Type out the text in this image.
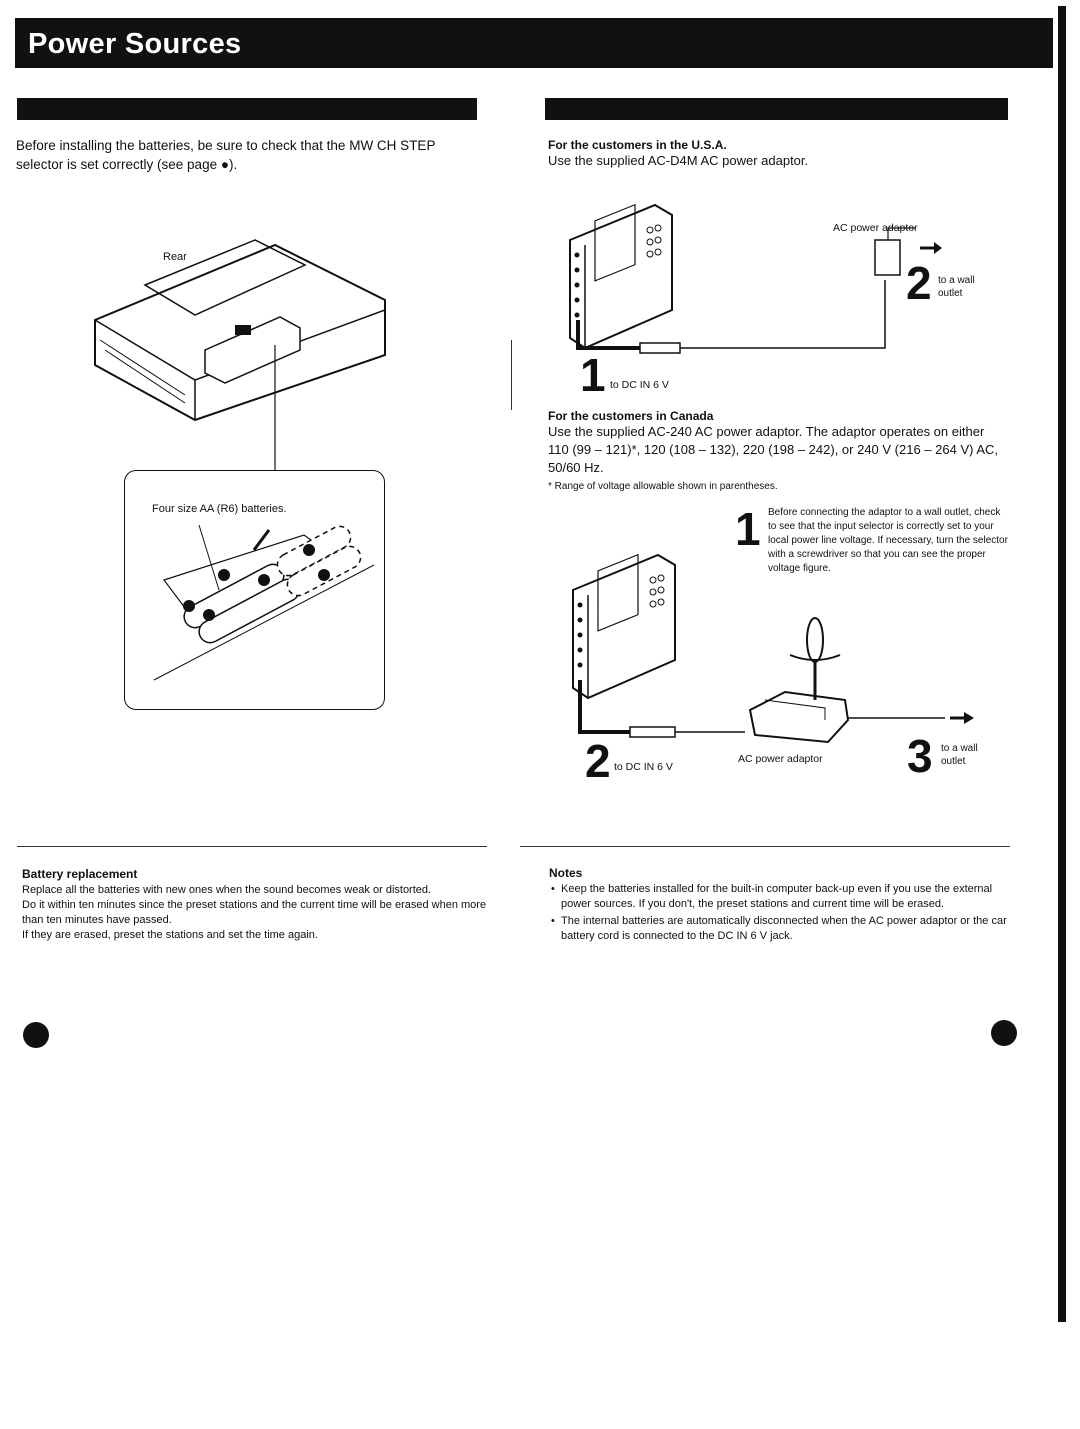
Power Sources

Before installing the batteries, be sure to check that the MW CH STEP selector is set correctly (see page ●).

Rear
Four size AA (R6) batteries.

Battery replacement

Replace all the batteries with new ones when the sound becomes weak or distorted.

Do it within ten minutes since the preset stations and the current time will be erased when more than ten minutes have passed.

If they are erased, preset the stations and set the time again.

For the customers in the U.S.A.

Use the supplied AC-D4M AC power adaptor.

AC power adaptor
2 to a wall outlet
1 to DC IN 6 V

For the customers in Canada

Use the supplied AC-240 AC power adaptor. The adaptor operates on either 110 (99 – 121)*, 120 (108 – 132), 220 (198 – 242), or 240 V (216 – 264 V) AC, 50/60 Hz.

* Range of voltage allowable shown in parentheses.

1 Before connecting the adaptor to a wall outlet, check to see that the input selector is correctly set to your local power line voltage. If necessary, turn the selector with a screwdriver so that you can see the proper voltage figure.
2 to DC IN 6 V
AC power adaptor 3 to a wall outlet

Notes

• Keep the batteries installed for the built-in computer back-up even if you use the external power sources. If you don't, the preset stations and current time will be erased.
• The internal batteries are automatically disconnected when the AC power adaptor or the car battery cord is connected to the DC IN 6 V jack.
